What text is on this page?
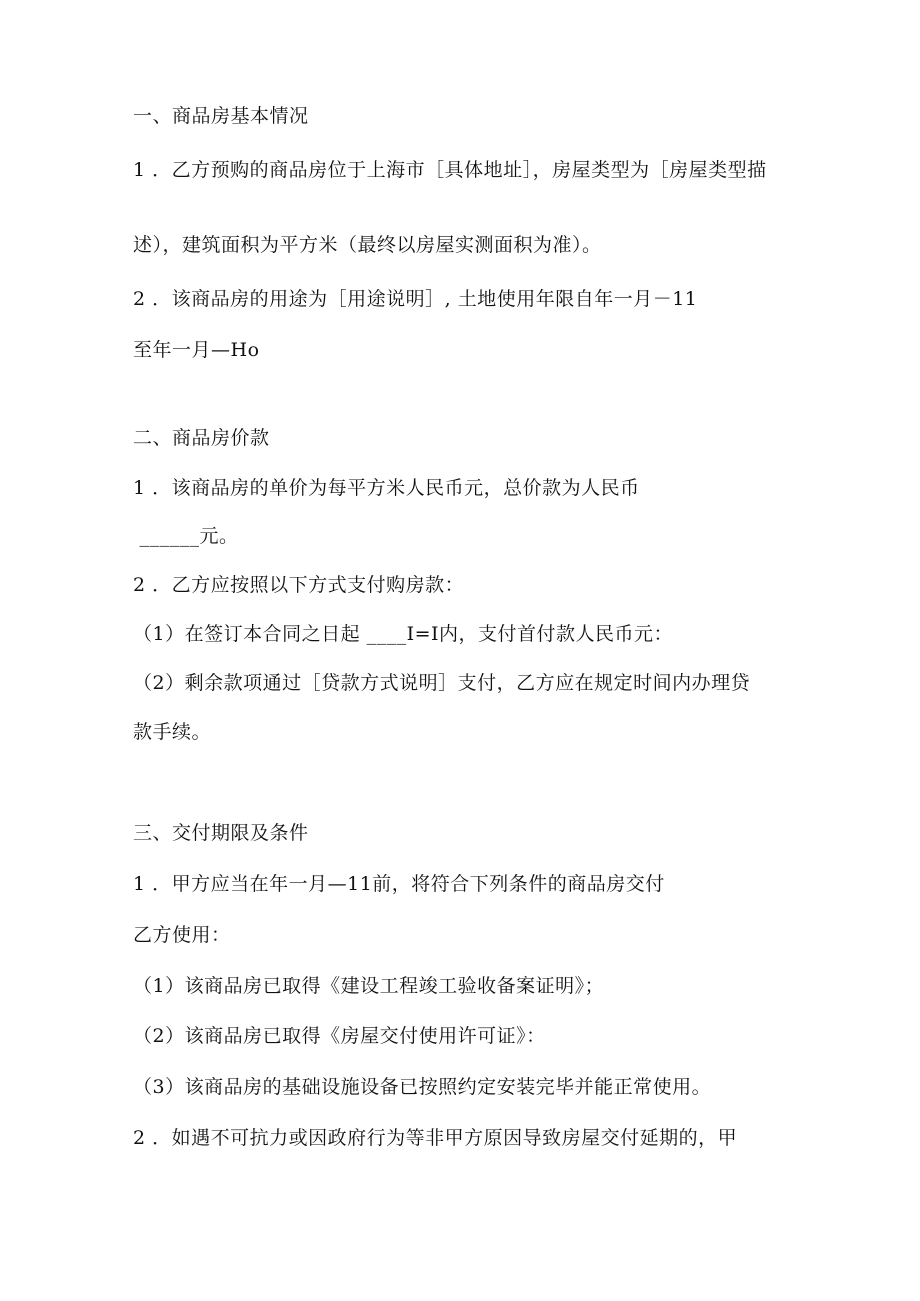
一、商品房基本情况
1 ．乙方预购的商品房位于上海市［具体地址］，房屋类型为［房屋类型描
述），建筑面积为平方米（最终以房屋实测面积为准）。
2 ．该商品房的用途为［用途说明］, 土地使用年限自年一月－11
至年一月—Ho
二、商品房价款
1 ．该商品房的单价为每平方米人民币元，总价款为人民币
______元。
2 ．乙方应按照以下方式支付购房款：
（1）在签订本合同之日起 ____I=I内，支付首付款人民币元：
（2）剩余款项通过［贷款方式说明］支付，乙方应在规定时间内办理贷
款手续。
三、交付期限及条件
1 ．甲方应当在年一月—11前，将符合下列条件的商品房交付
乙方使用：
（1）该商品房已取得《建设工程竣工验收备案证明》；
（2）该商品房已取得《房屋交付使用许可证》：
（3）该商品房的基础设施设备已按照约定安装完毕并能正常使用。
2 ．如遇不可抗力或因政府行为等非甲方原因导致房屋交付延期的，甲
